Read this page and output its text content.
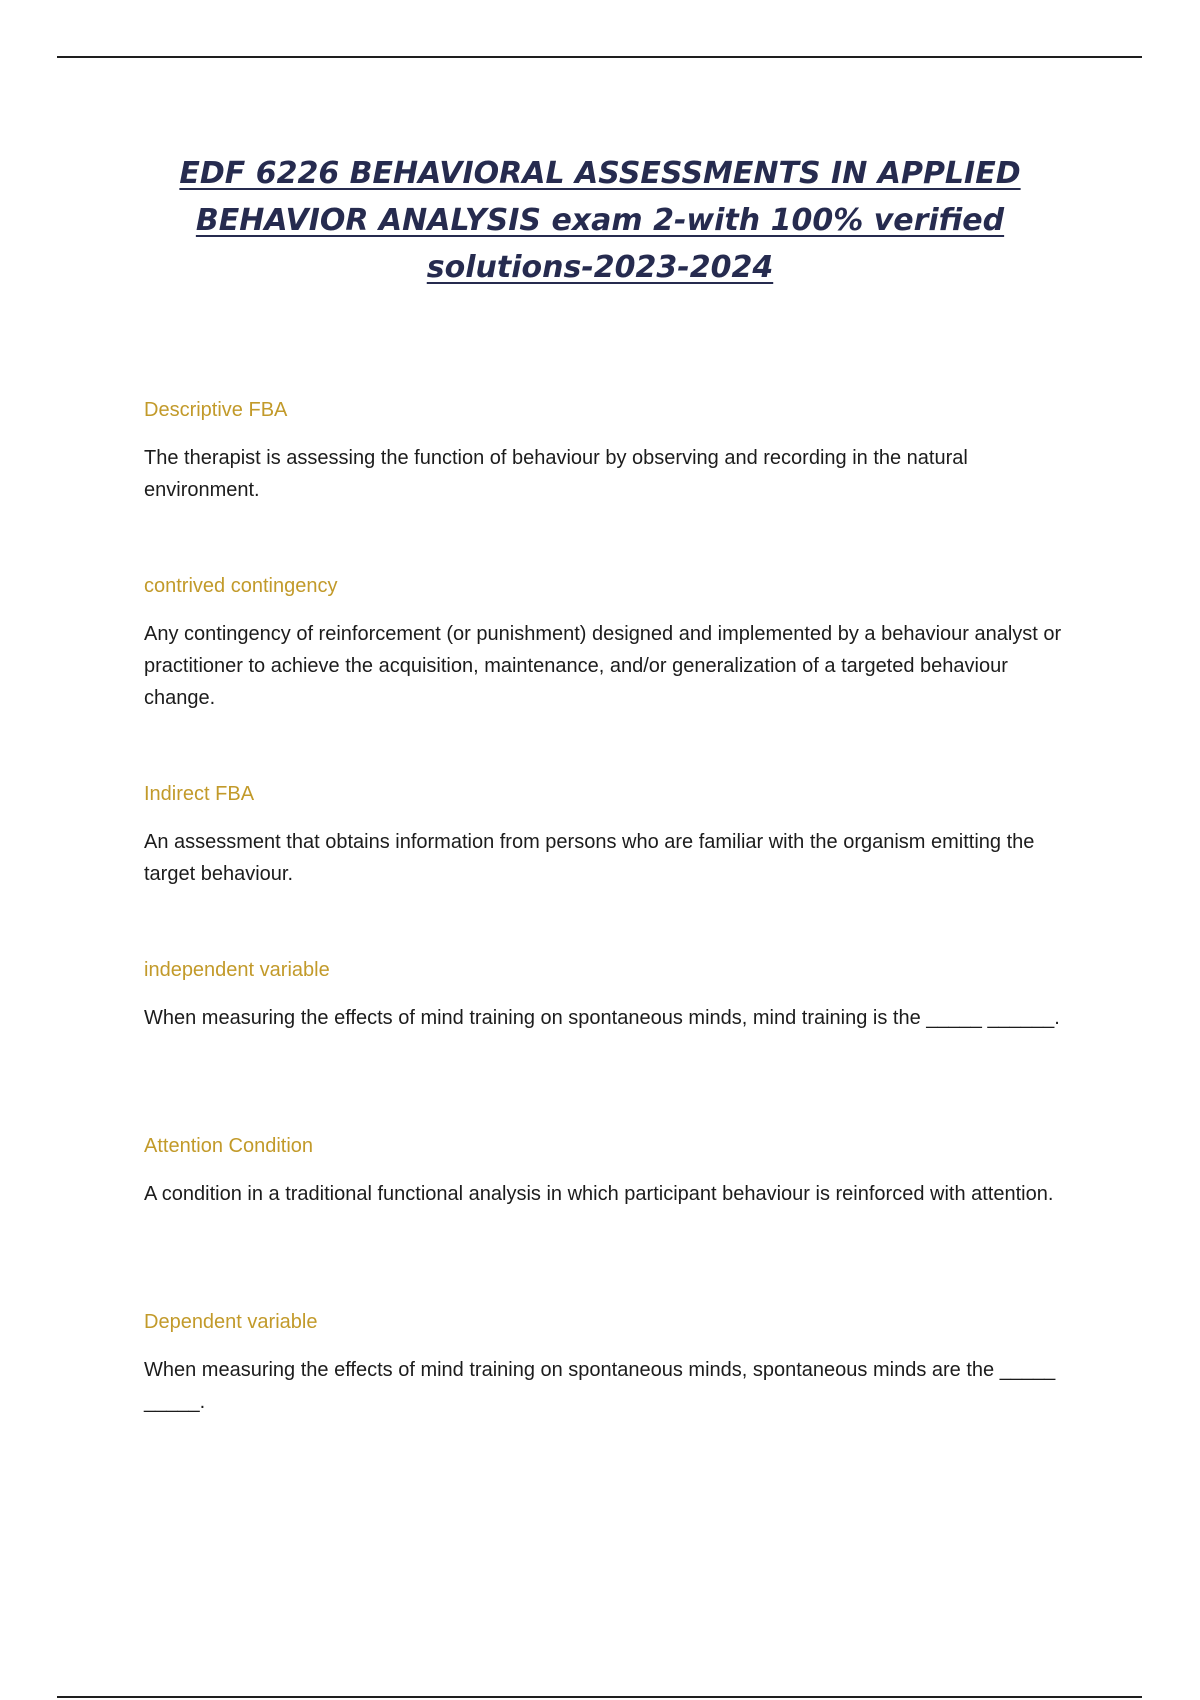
EDF 6226 BEHAVIORAL ASSESSMENTS IN APPLIED BEHAVIOR ANALYSIS exam 2-with 100% verified solutions-2023-2024

Descriptive FBA

The therapist is assessing the function of behaviour by observing and recording in the natural environment.

contrived contingency

Any contingency of reinforcement (or punishment) designed and implemented by a behaviour analyst or practitioner to achieve the acquisition, maintenance, and/or generalization of a targeted behaviour change.

Indirect FBA

An assessment that obtains information from persons who are familiar with the organism emitting the target behaviour.

independent variable

When measuring the effects of mind training on spontaneous minds, mind training is the _____ ______.

Attention Condition

A condition in a traditional functional analysis in which participant behaviour is reinforced with attention.

Dependent variable

When measuring the effects of mind training on spontaneous minds, spontaneous minds are the _____ _____.
